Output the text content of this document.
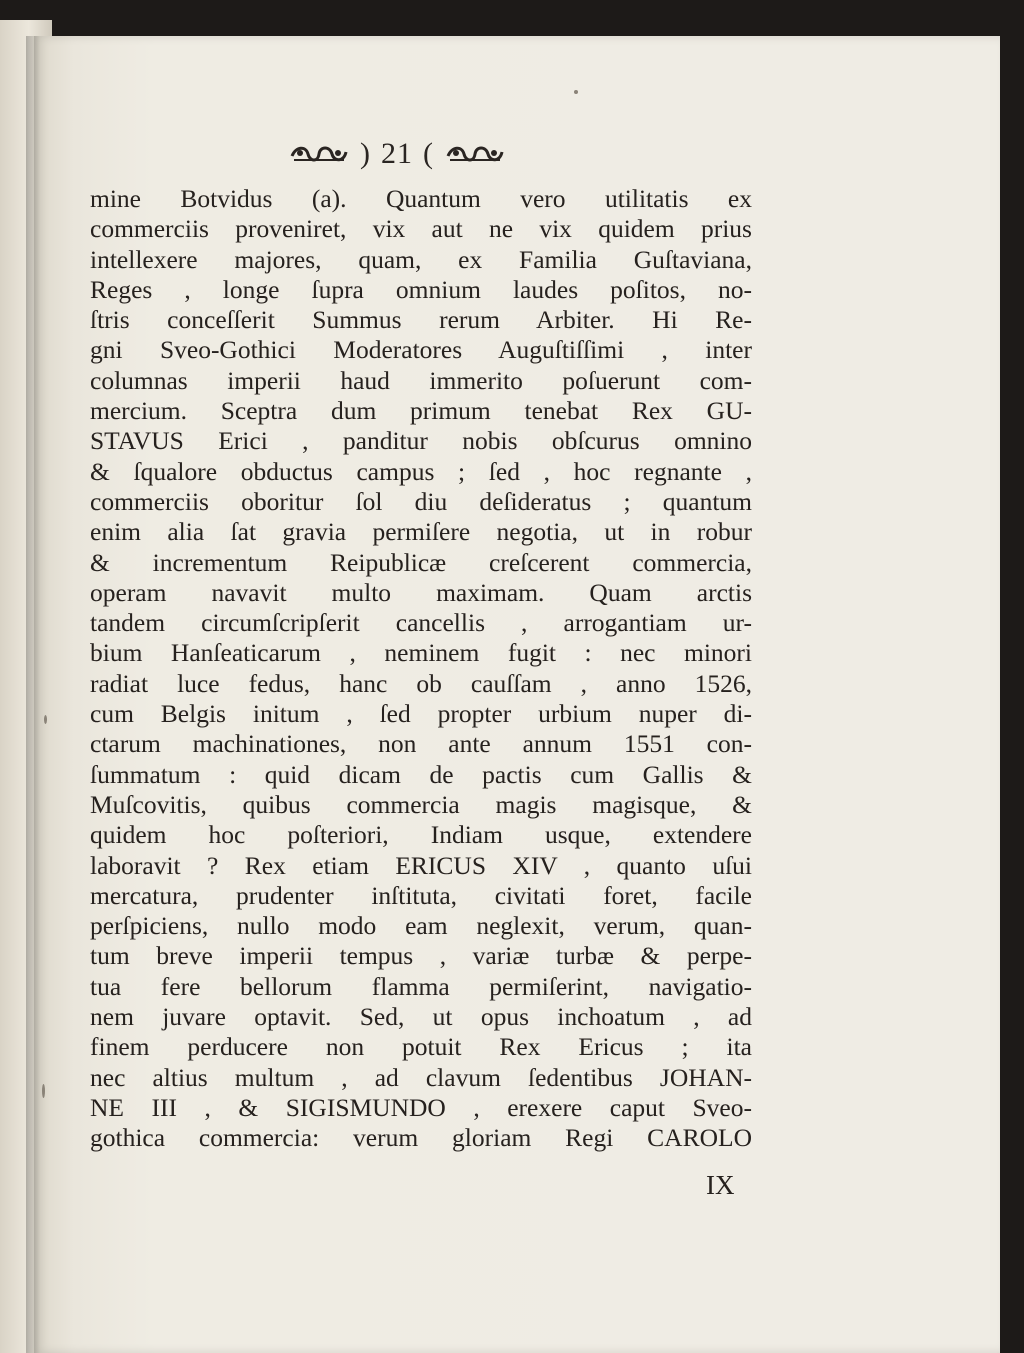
) 21 (
mine Botvidus (a). Quantum vero utilitatis ex
commerciis proveniret, vix aut ne vix quidem prius
intellexere majores, quam, ex Familia Guſtaviana,
Reges , longe ſupra omnium laudes poſitos, no-
ſtris conceſſerit Summus rerum Arbiter. Hi Re-
gni Sveo-Gothici Moderatores Auguſtiſſimi , inter
columnas imperii haud immerito poſuerunt com-
mercium. Sceptra dum primum tenebat Rex GU-
STAVUS Erici , panditur nobis obſcurus omnino
& ſqualore obductus campus ; ſed , hoc regnante ,
commerciis oboritur ſol diu deſideratus ; quantum
enim alia ſat gravia permiſere negotia, ut in robur
& incrementum Reipublicæ creſcerent commercia,
operam navavit multo maximam. Quam arctis
tandem circumſcripſerit cancellis , arrogantiam ur-
bium Hanſeaticarum , neminem fugit : nec minori
radiat luce fedus, hanc ob cauſſam , anno 1526,
cum Belgis initum , ſed propter urbium nuper di-
ctarum machinationes, non ante annum 1551 con-
ſummatum : quid dicam de pactis cum Gallis &
Muſcovitis, quibus commercia magis magisque, &
quidem hoc poſteriori, Indiam usque, extendere
laboravit ? Rex etiam ERICUS XIV , quanto uſui
mercatura, prudenter inſtituta, civitati foret, facile
perſpiciens, nullo modo eam neglexit, verum, quan-
tum breve imperii tempus , variæ turbæ & perpe-
tua fere bellorum flamma permiſerint, navigatio-
nem juvare optavit. Sed, ut opus inchoatum , ad
finem perducere non potuit Rex Ericus ; ita
nec altius multum , ad clavum ſedentibus JOHAN-
NE III , & SIGISMUNDO , erexere caput Sveo-
gothica commercia: verum gloriam Regi CAROLO
IX
